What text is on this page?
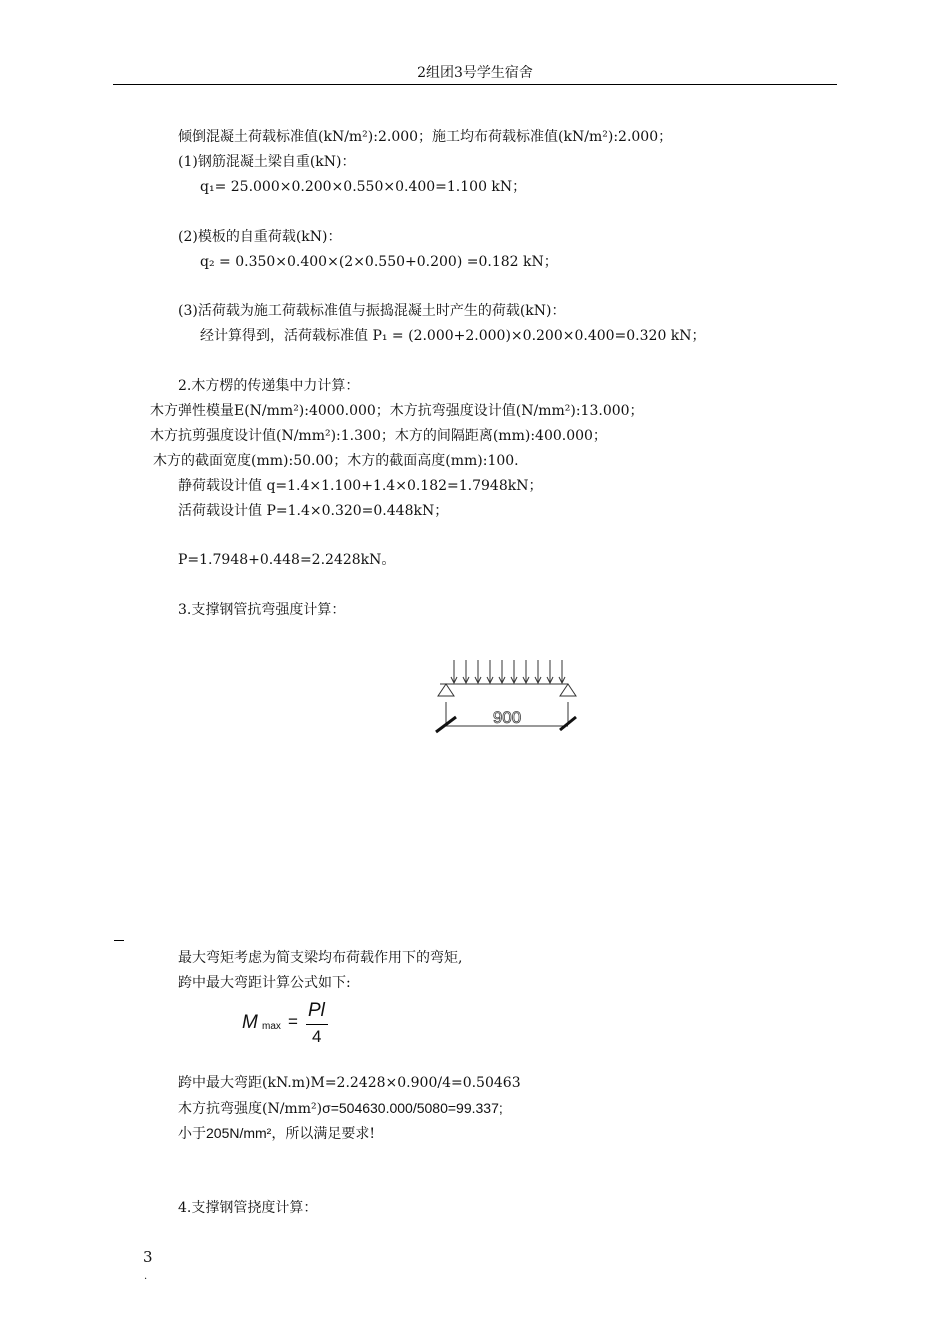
2组团3号学生宿舍
倾倒混凝土荷载标准值(kN/m²):2.000；施工均布荷载标准值(kN/m²):2.000；
(1)钢筋混凝土梁自重(kN)：
q₁= 25.000×0.200×0.550×0.400=1.100 kN；
(2)模板的自重荷载(kN)：
q₂ = 0.350×0.400×(2×0.550+0.200) =0.182 kN；
(3)活荷载为施工荷载标准值与振捣混凝土时产生的荷载(kN)：
经计算得到，活荷载标准值 P₁ = (2.000+2.000)×0.200×0.400=0.320 kN；
2.木方楞的传递集中力计算：
木方弹性模量E(N/mm²):4000.000；木方抗弯强度设计值(N/mm²):13.000；
木方抗剪强度设计值(N/mm²):1.300；木方的间隔距离(mm):400.000；
木方的截面宽度(mm):50.00；木方的截面高度(mm):100.
静荷载设计值 q=1.4×1.100+1.4×0.182=1.7948kN；
活荷载设计值 P=1.4×0.320=0.448kN；
P=1.7948+0.448=2.2428kN。
3.支撑钢管抗弯强度计算：
900
最大弯矩考虑为简支梁均布荷载作用下的弯矩,
跨中最大弯距计算公式如下:
M max =
Pl
4
跨中最大弯距(kN.m)M=2.2428×0.900/4=0.50463
木方抗弯强度(N/mm²)σ=504630.000/5080=99.337;
小于205N/mm²，所以满足要求!
4.支撑钢管挠度计算：
3
.
